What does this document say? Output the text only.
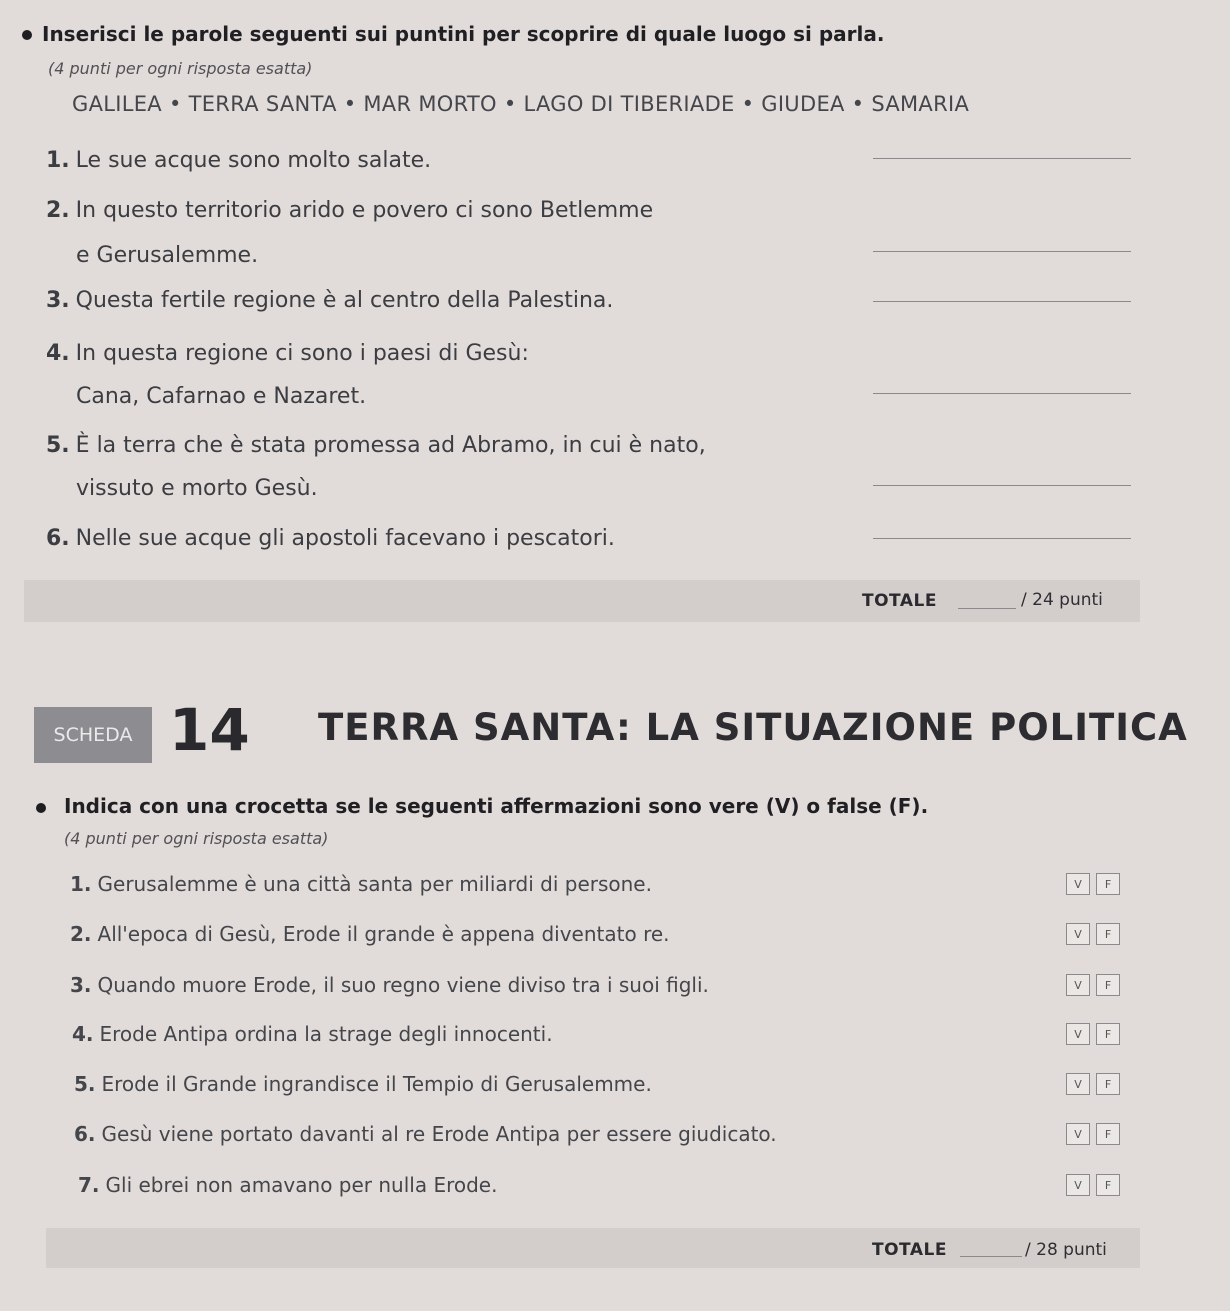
Inserisci le parole seguenti sui puntini per scoprire di quale luogo si parla.
(4 punti per ogni risposta esatta)
GALILEA • TERRA SANTA • MAR MORTO • LAGO DI TIBERIADE • GIUDEA • SAMARIA
1. Le sue acque sono molto salate.
2. In questo territorio arido e povero ci sono Betlemme
e Gerusalemme.
3. Questa fertile regione è al centro della Palestina.
4. In questa regione ci sono i paesi di Gesù:
Cana, Cafarnao e Nazaret.
5. È la terra che è stata promessa ad Abramo, in cui è nato,
vissuto e morto Gesù.
6. Nelle sue acque gli apostoli facevano i pescatori.
TOTALE	/ 24 punti
SCHEDA 14 TERRA SANTA: LA SITUAZIONE POLITICA
Indica con una crocetta se le seguenti affermazioni sono vere (V) o false (F).
(4 punti per ogni risposta esatta)
1. Gerusalemme è una città santa per miliardi di persone.	V	F
2. All'epoca di Gesù, Erode il grande è appena diventato re.	V	F
3. Quando muore Erode, il suo regno viene diviso tra i suoi figli.	V	F
4. Erode Antipa ordina la strage degli innocenti.	V	F
5. Erode il Grande ingrandisce il Tempio di Gerusalemme.	V	F
6. Gesù viene portato davanti al re Erode Antipa per essere giudicato.	V	F
7. Gli ebrei non amavano per nulla Erode.	V	F
TOTALE	/ 28 punti
